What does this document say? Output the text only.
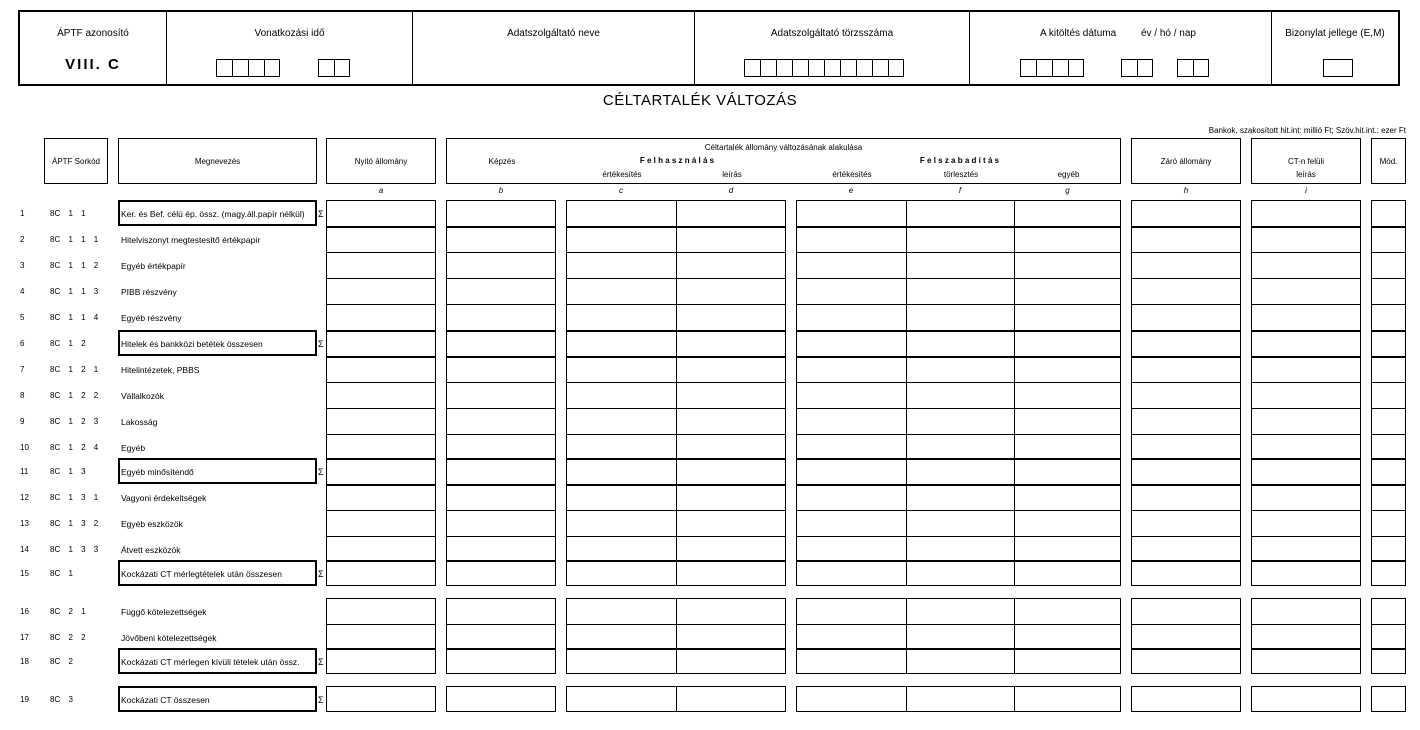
ÁPTF azonosító
VIII. C
Vonatkozási idő	Adatszolgáltató neve	Adatszolgáltató törzsszáma	A kitöltés dátuma év / hó / nap	Bizonylat jellege (E,M)
CÉLTARTALÉK VÁLTOZÁS
Bankok, szakosított hit.int: millió Ft; Szöv.hit.int.: ezer Ft
ÁPTF Sorkód	Megnevezés	Nyitó állomány
Céltartalék állomány változásának alakulása
Képzés	F e l h a s z n á l á s	F e l s z a b a d í t á s
értékesítés	leírás	értékesítés	törlesztés	egyéb
Záró állomány	CT-n felüli
leírás
Mód.
a	b	c	d	e	f	g	h	i
1	8C 1 1	Ker. és Bef. célú ép. össz. (magy.áll.papír nélkül)	Σ
2	8C 1 1 1	Hitelviszonyt megtestesítő értékpapír
3	8C 1 1 2	Egyéb értékpapír
4	8C 1 1 3	PIBB részvény
5	8C 1 1 4	Egyéb részvény
6	8C 1 2	Hitelek és bankközi betétek összesen	Σ
7	8C 1 2 1	Hitelintézetek, PBBS
8	8C 1 2 2	Vállalkozók
9	8C 1 2 3	Lakosság
10	8C 1 2 4	Egyéb
11	8C 1 3	Egyéb minősítendő	Σ
12	8C 1 3 1	Vagyoni érdekeltségek
13	8C 1 3 2	Egyéb eszközök
14	8C 1 3 3	Átvett eszközök
15	8C 1	Kockázati CT mérlegtételek után összesen	Σ
16	8C 2 1	Függő kötelezettségek
17	8C 2 2	Jövőbeni kötelezettségek
18	8C 2	Kockázati CT mérlegen kívüli tételek után össz.	Σ
19	8C 3	Kockázati CT összesen	Σ
